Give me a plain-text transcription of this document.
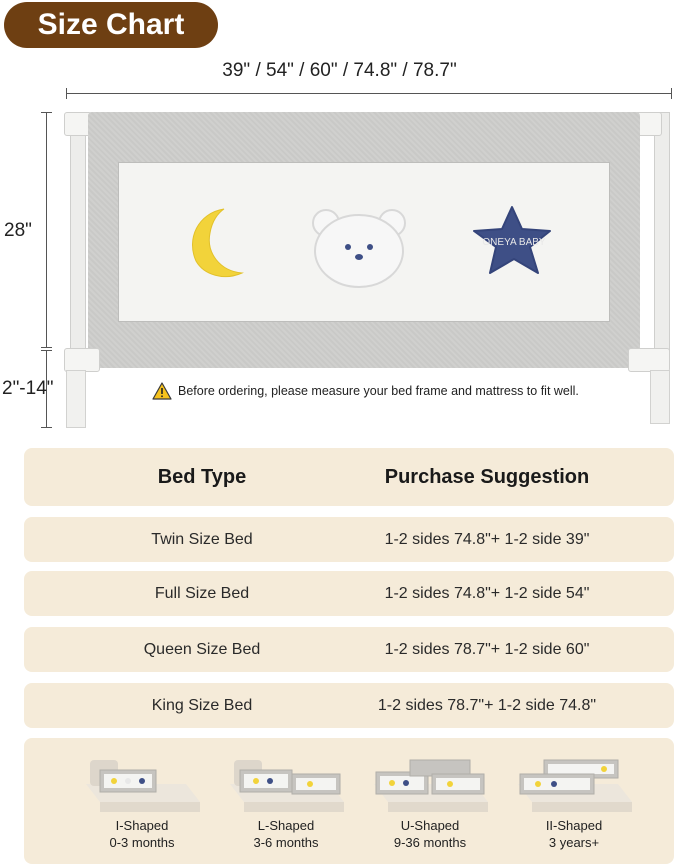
Size Chart
39" / 54" / 60" / 74.8" / 78.7"
28"
2"-14"
ONEYA BABY
Before ordering, please measure your bed frame and mattress to fit well.
Bed Type	Purchase Suggestion
Twin Size Bed	1-2 sides 74.8"+ 1-2 side 39"
Full Size Bed	1-2 sides 74.8"+ 1-2 side 54"
Queen Size Bed	1-2 sides 78.7"+ 1-2 side 60"
King Size Bed	1-2 sides 78.7"+ 1-2 side 74.8"
I-Shaped
0-3 months
L-Shaped
3-6 months
U-Shaped
9-36 months
II-Shaped
3 years+
